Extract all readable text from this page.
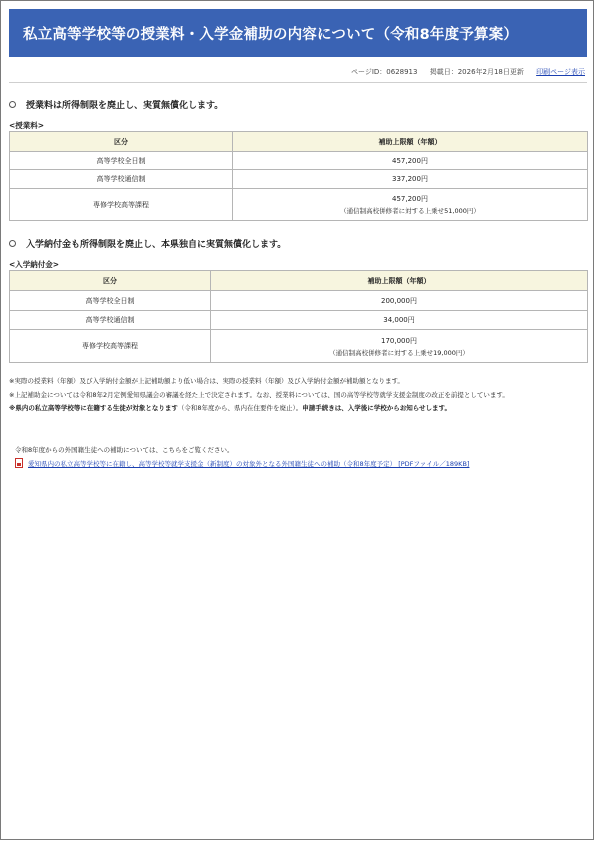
私立高等学校等の授業料・入学金補助の内容について（令和8年度予算案）
ページID：0628913 掲載日：2026年2月18日更新 印刷ページ表示
授業料は所得制限を廃止し、実質無償化します。
<授業料>
区分	補助上限額（年額）
高等学校全日制	457,200円
高等学校通信制	337,200円
専修学校高等課程	457,200円
（通信制高校併修者に対する上乗せ51,000円）
入学納付金も所得制限を廃止し、本県独自に実質無償化します。
<入学納付金>
区分	補助上限額（年額）
高等学校全日制	200,000円
高等学校通信制	34,000円
専修学校高等課程	170,000円
（通信制高校併修者に対する上乗せ19,000円）
※実際の授業料（年額）及び入学納付金額が上記補助額より低い場合は、実際の授業料（年額）及び入学納付金額が補助額となります。
※上記補助金については令和8年2月定例愛知県議会の審議を経た上で決定されます。なお、授業料については、国の高等学校等就学支援金制度の改正を前提としています。
※県内の私立高等学校等に在籍する生徒が対象となります（令和8年度から、県内在住要件を廃止）。申請手続きは、入学後に学校からお知らせします。
令和8年度からの外国籍生徒への補助については、こちらをご覧ください。
愛知県内の私立高等学校等に在籍し、高等学校等就学支援金（新制度）の対象外となる外国籍生徒への補助（令和8年度予定） [PDFファイル／189KB]
